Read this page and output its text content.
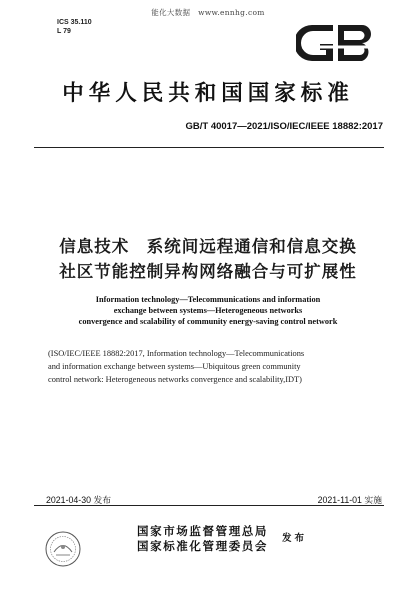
能化大数据　www.ennhg.com
ICS 35.110
L 79
中华人民共和国国家标准
GB/T 40017—2021/ISO/IEC/IEEE 18882:2017
信息技术　系统间远程通信和信息交换
社区节能控制异构网络融合与可扩展性
Information technology—Telecommunications and information
exchange between systems—Heterogeneous networks
convergence and scalability of community energy-saving control network
(ISO/IEC/IEEE 18882:2017, Information technology—Telecommunications
and information exchange between systems—Ubiquitous green community
control network: Heterogeneous networks convergence and scalability,IDT)
2021-04-30 发布	2021-11-01 实施
国家市场监督管理总局
国家标准化管理委员会
发布
